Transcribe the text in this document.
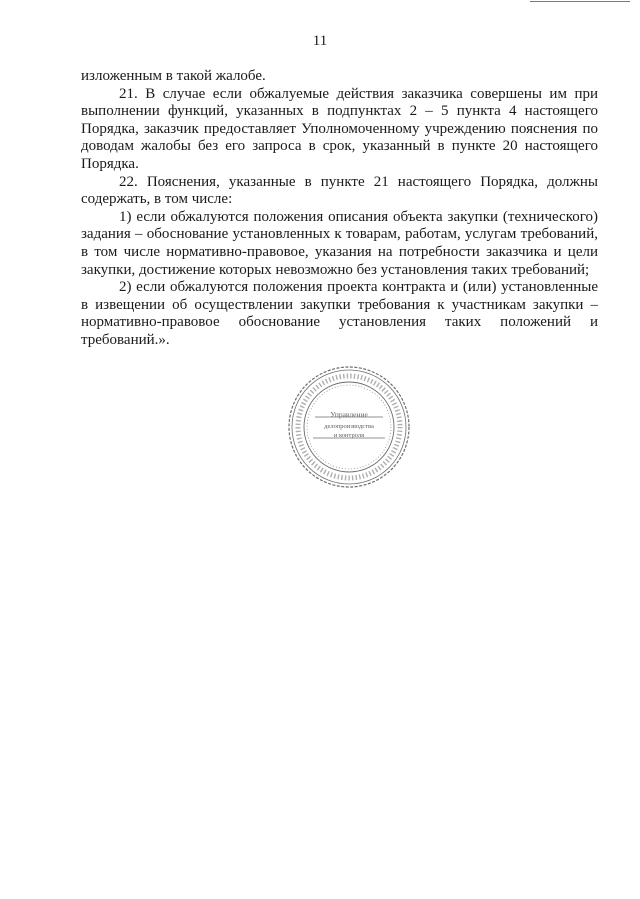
11

изложенным в такой жалобе.

21. В случае если обжалуемые действия заказчика совершены им при выполнении функций, указанных в подпунктах 2 – 5 пункта 4 настоящего Порядка, заказчик предоставляет Уполномоченному учреждению пояснения по доводам жалобы без его запроса в срок, указанный в пункте 20 настоящего Порядка.

22. Пояснения, указанные в пункте 21 настоящего Порядка, должны содержать, в том числе:

1) если обжалуются положения описания объекта закупки (технического) задания – обоснование установленных к товарам, работам, услугам требований, в том числе нормативно-правовое, указания на потребности заказчика и цели закупки, достижение которых невозможно без установления таких требований;

2) если обжалуются положения проекта контракта и (или) установленные в извещении об осуществлении закупки требования к участникам закупки – нормативно-правовое обоснование установления таких положений и требований.».

Управление
делопроизводства
и контроля
